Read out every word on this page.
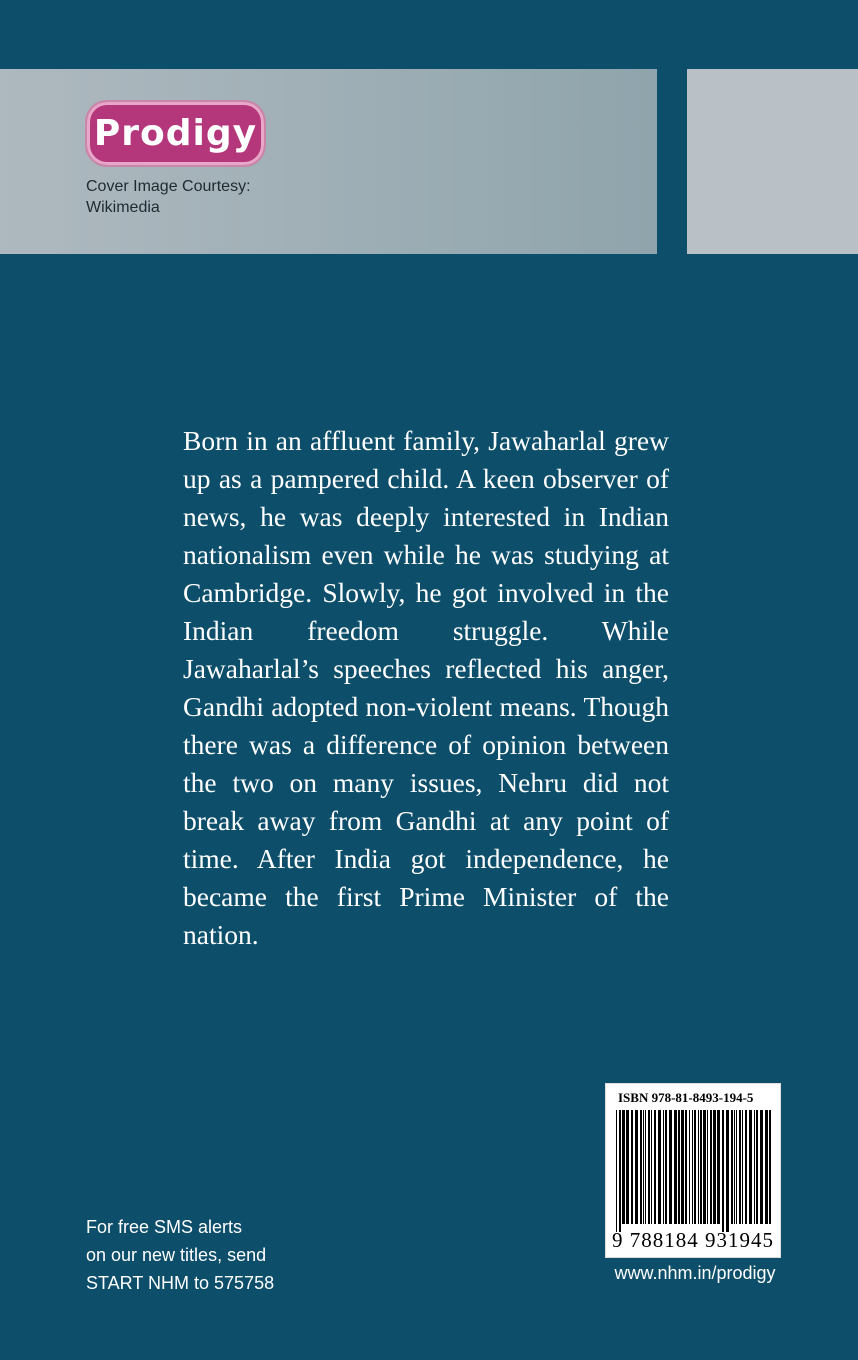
Prodigy
Cover Image Courtesy:
Wikimedia

Born in an affluent family, Jawaharlal grew up as a pampered child. A keen observer of news, he was deeply interested in Indian nationalism even while he was studying at Cambridge. Slowly, he got involved in the Indian freedom struggle. While Jawaharlal’s speeches reflected his anger, Gandhi adopted non-violent means. Though there was a difference of opinion between the two on many issues, Nehru did not break away from Gandhi at any point of time. After India got independence, he became the first Prime Minister of the nation.

ISBN 978-81-8493-194-5
9 788184 931945
www.nhm.in/prodigy
For free SMS alerts
on our new titles, send
START NHM to 575758
